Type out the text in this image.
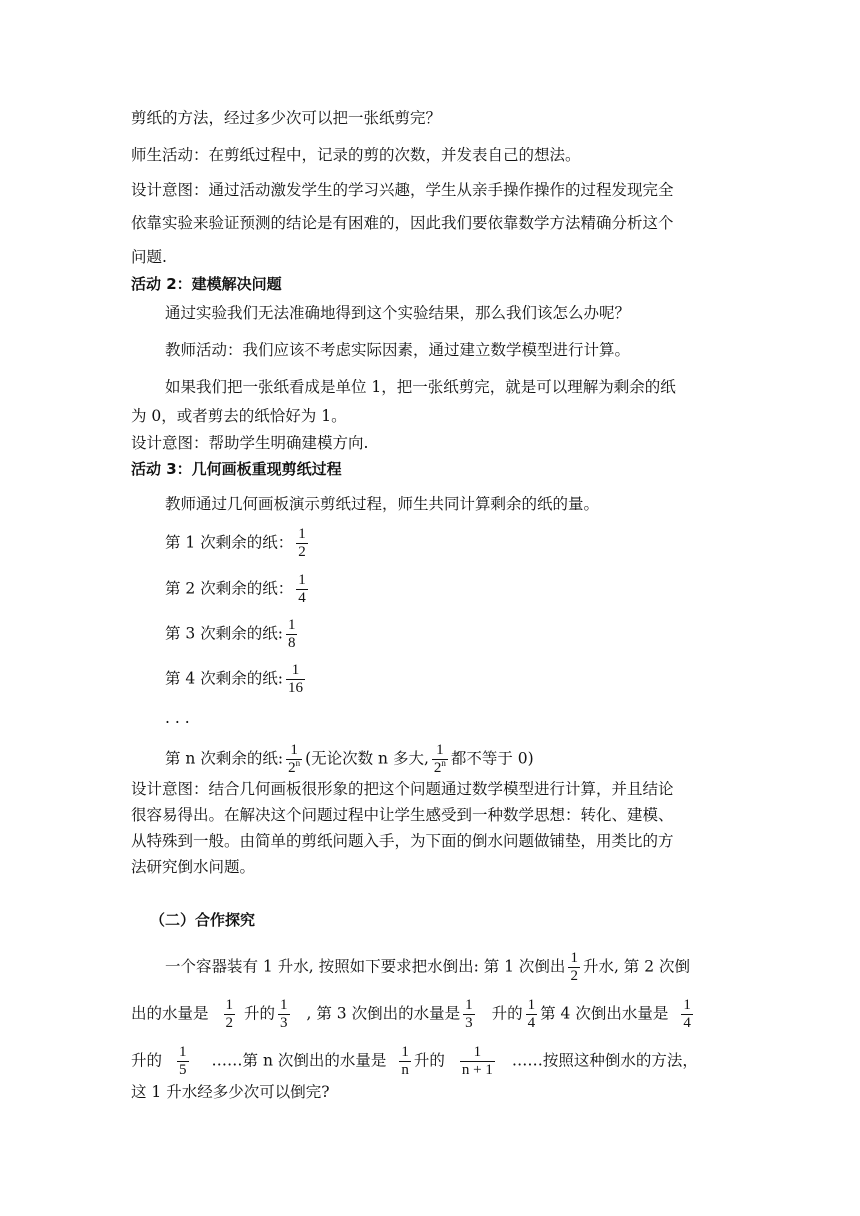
剪纸的方法，经过多少次可以把一张纸剪完？
师生活动：在剪纸过程中，记录的剪的次数，并发表自己的想法。
设计意图：通过活动激发学生的学习兴趣，学生从亲手操作操作的过程发现完全
依靠实验来验证预测的结论是有困难的，因此我们要依靠数学方法精确分析这个
问题.
活动 2：建模解决问题
通过实验我们无法准确地得到这个实验结果，那么我们该怎么办呢？
教师活动：我们应该不考虑实际因素，通过建立数学模型进行计算。
如果我们把一张纸看成是单位 1，把一张纸剪完，就是可以理解为剩余的纸
为 0，或者剪去的纸恰好为 1。
设计意图：帮助学生明确建模方向.
活动 3：几何画板重现剪纸过程
教师通过几何画板演示剪纸过程，师生共同计算剩余的纸的量。
第 1 次剩余的纸： $\frac{1}{2}$
第 2 次剩余的纸： $\frac{1}{4}$
第 3 次剩余的纸: $\frac{1}{8}$
第 4 次剩余的纸: $\frac{1}{16}$
. . .
第 n 次剩余的纸: $\frac{1}{2^n}$ (无论次数 n 多大, $\frac{1}{2^n}$ 都不等于 0)
设计意图：结合几何画板很形象的把这个问题通过数学模型进行计算，并且结论
很容易得出。在解决这个问题过程中让学生感受到一种数学思想：转化、建模、
从特殊到一般。由简单的剪纸问题入手，为下面的倒水问题做铺垫，用类比的方
法研究倒水问题。
（二）合作探究
一个容器装有 1 升水, 按照如下要求把水倒出: 第 1 次倒出 $\frac{1}{2}$ 升水, 第 2 次倒
出的水量是 $\frac{1}{2}$ 升的 $\frac{1}{3}$ , 第 3 次倒出的水量是 $\frac{1}{3}$ 升的 $\frac{1}{4}$ 第 4 次倒出水量是 $\frac{1}{4}$
升的 $\frac{1}{5}$ ……第 n 次倒出的水量是 $\frac{1}{n}$ 升的 $\frac{1}{n + 1}$ ……按照这种倒水的方法，
这 1 升水经多少次可以倒完?
